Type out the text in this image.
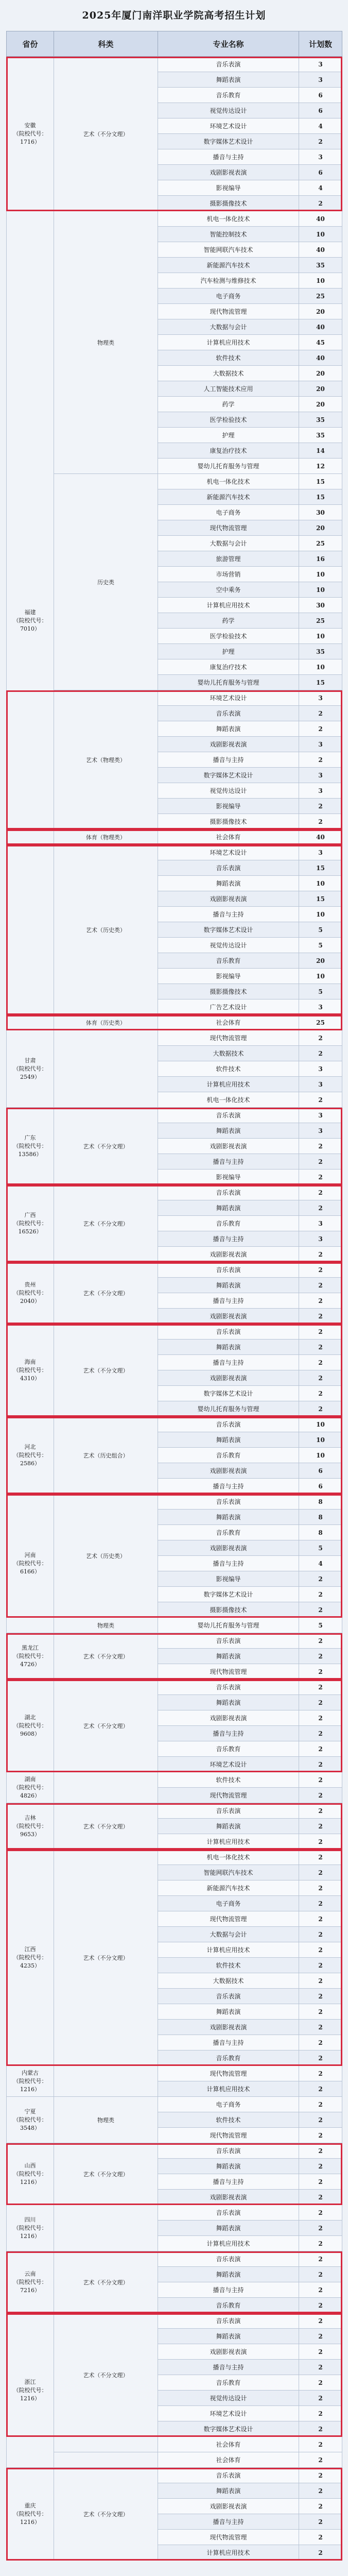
2025年厦门南洋职业学院高考招生计划
省份	科类	专业名称	计划数
安徽
（院校代号：1716）	艺术（不分文理）	音乐表演	3
		舞蹈表演	3
		音乐教育	6
		视觉传达设计	6
		环境艺术设计	4
		数字媒体艺术设计	2
		播音与主持	3
		戏剧影视表演	6
		影视编导	4
		摄影摄像技术	2
福建
（院校代号：7010）	物理类	机电一体化技术	40
		智能控制技术	10
		智能网联汽车技术	40
		新能源汽车技术	35
		汽车检测与维修技术	10
		电子商务	25
		现代物流管理	20
		大数据与会计	40
		计算机应用技术	45
		软件技术	40
		大数据技术	20
		人工智能技术应用	20
		药学	20
		医学检验技术	35
		护理	35
		康复治疗技术	14
		婴幼儿托育服务与管理	12
	历史类	机电一体化技术	15
		新能源汽车技术	15
		电子商务	30
		现代物流管理	20
		大数据与会计	25
		旅游管理	16
		市场营销	10
		空中乘务	10
		计算机应用技术	30
		药学	25
		医学检验技术	10
		护理	35
		康复治疗技术	10
		婴幼儿托育服务与管理	15
	艺术（物理类）	环境艺术设计	3
		音乐表演	2
		舞蹈表演	2
		戏剧影视表演	3
		播音与主持	2
		数字媒体艺术设计	3
		视觉传达设计	3
		影视编导	2
		摄影摄像技术	2
	体育（物理类）	社会体育	40
	艺术（历史类）	环境艺术设计	3
		音乐表演	15
		舞蹈表演	10
		戏剧影视表演	15
		播音与主持	10
		数字媒体艺术设计	5
		视觉传达设计	5
		音乐教育	20
		影视编导	10
		摄影摄像技术	5
		广告艺术设计	3
	体育（历史类）	社会体育	25
甘肃
（院校代号：2549）		现代物流管理	2
		大数据技术	2
		软件技术	3
		计算机应用技术	3
		机电一体化技术	2
广东
（院校代号：13586）	艺术（不分文理）	音乐表演	3
		舞蹈表演	3
		戏剧影视表演	2
		播音与主持	2
		影视编导	2
广西
（院校代号：16526）	艺术（不分文理）	音乐表演	2
		舞蹈表演	2
		音乐教育	3
		播音与主持	3
		戏剧影视表演	2
贵州
（院校代号：2040）	艺术（不分文理）	音乐表演	2
		舞蹈表演	2
		播音与主持	2
		戏剧影视表演	2
海南
（院校代号：4310）	艺术（不分文理）	音乐表演	2
		舞蹈表演	2
		播音与主持	2
		戏剧影视表演	2
		数字媒体艺术设计	2
		婴幼儿托育服务与管理	2
河北
（院校代号：2586）	艺术（历史组合）	音乐表演	10
		舞蹈表演	10
		音乐教育	10
		戏剧影视表演	6
		播音与主持	6
河南
（院校代号：6166）	艺术（历史类）	音乐表演	8
		舞蹈表演	8
		音乐教育	8
		戏剧影视表演	5
		播音与主持	4
		影视编导	2
		数字媒体艺术设计	2
		摄影摄像技术	2
	物理类	婴幼儿托育服务与管理	5
黑龙江
（院校代号：4726）	艺术（不分文理）	音乐表演	2
		舞蹈表演	2
		现代物流管理	2
湖北
（院校代号：9608）	艺术（不分文理）	音乐表演	2
		舞蹈表演	2
		戏剧影视表演	2
		播音与主持	2
		音乐教育	2
		环境艺术设计	2
湖南
（院校代号：4826）		软件技术	2
		现代物流管理	2
吉林
（院校代号：9653）	艺术（不分文理）	音乐表演	2
		舞蹈表演	2
		计算机应用技术	2
江西
（院校代号：4235）	艺术（不分文理）	机电一体化技术	2
		智能网联汽车技术	2
		新能源汽车技术	2
		电子商务	2
		现代物流管理	2
		大数据与会计	2
		计算机应用技术	2
		软件技术	2
		大数据技术	2
		音乐表演	2
		舞蹈表演	2
		戏剧影视表演	2
		播音与主持	2
		音乐教育	2
内蒙古
（院校代号：1216）		现代物流管理	2
		计算机应用技术	2
宁夏
（院校代号：3548）	物理类	电子商务	2
		软件技术	2
		现代物流管理	2
山西
（院校代号：1216）	艺术（不分文理）	音乐表演	2
		舞蹈表演	2
		播音与主持	2
		戏剧影视表演	2
四川
（院校代号：1216）		音乐表演	2
		舞蹈表演	2
		计算机应用技术	2
云南
（院校代号：7216）	艺术（不分文理）	音乐表演	2
		舞蹈表演	2
		播音与主持	2
		音乐教育	2
浙江
（院校代号：1216）	艺术（不分文理）	音乐表演	2
		舞蹈表演	2
		戏剧影视表演	2
		播音与主持	2
		音乐教育	2
		视觉传达设计	2
		环境艺术设计	2
		数字媒体艺术设计	2
		社会体育	2
		社会体育	2
重庆
（院校代号：1216）	艺术（不分文理）	音乐表演	2
		舞蹈表演	2
		戏剧影视表演	2
		播音与主持	2
		现代物流管理	2
		计算机应用技术	2
